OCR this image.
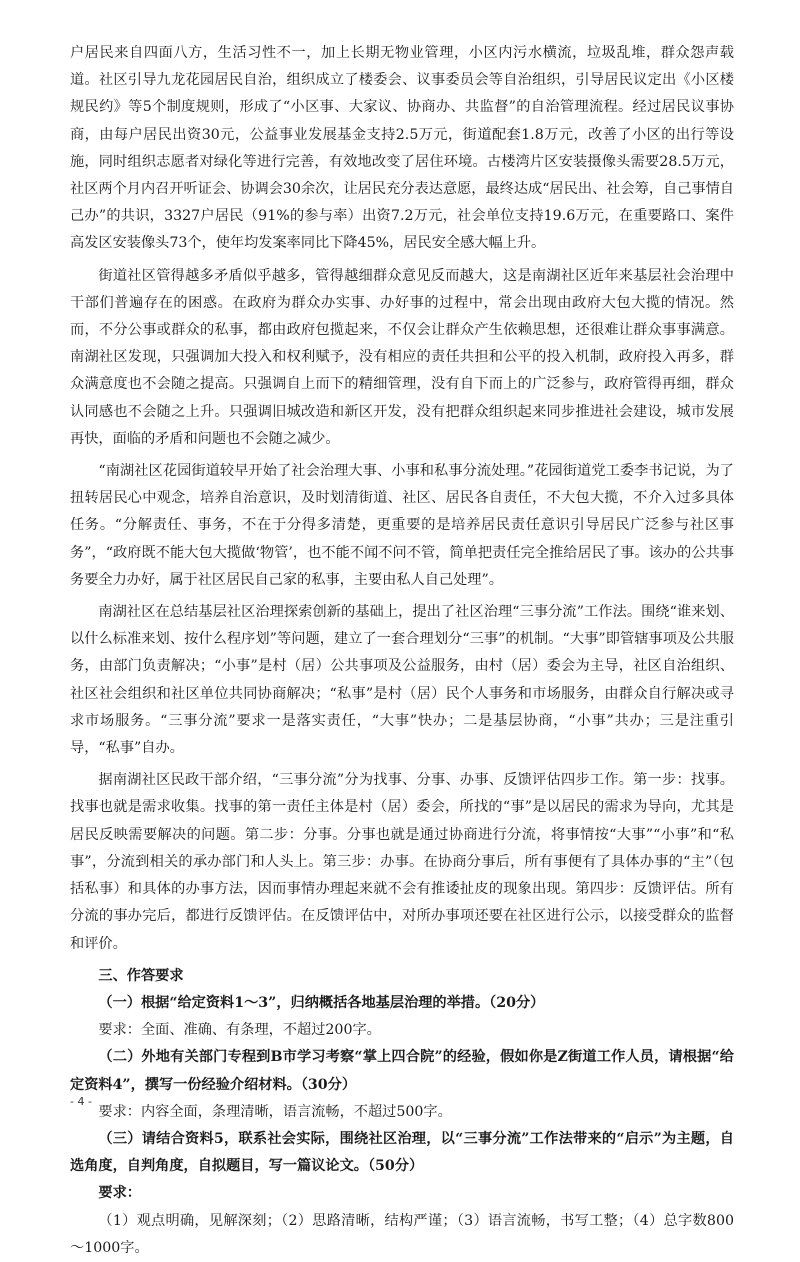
户居民来自四面八方，生活习性不一，加上长期无物业管理，小区内污水横流，垃圾乱堆，群众怨声载道。社区引导九龙花园居民自治，组织成立了楼委会、议事委员会等自治组织，引导居民议定出《小区楼规民约》等5个制度规则，形成了“小区事、大家议、协商办、共监督”的自治管理流程。经过居民议事协商，由每户居民出资30元，公益事业发展基金支持2.5万元，街道配套1.8万元，改善了小区的出行等设施，同时组织志愿者对绿化等进行完善，有效地改变了居住环境。古楼湾片区安装摄像头需要28.5万元，社区两个月内召开听证会、协调会30余次，让居民充分表达意愿，最终达成“居民出、社会筹，自己事情自己办”的共识，3327户居民（91%的参与率）出资7.2万元，社会单位支持19.6万元，在重要路口、案件高发区安装像头73个，使年均发案率同比下降45%，居民安全感大幅上升。

街道社区管得越多矛盾似乎越多，管得越细群众意见反而越大，这是南湖社区近年来基层社会治理中干部们普遍存在的困惑。在政府为群众办实事、办好事的过程中，常会出现由政府大包大揽的情况。然而，不分公事或群众的私事，都由政府包揽起来，不仅会让群众产生依赖思想，还很难让群众事事满意。南湖社区发现，只强调加大投入和权利赋予，没有相应的责任共担和公平的投入机制，政府投入再多，群众满意度也不会随之提高。只强调自上而下的精细管理，没有自下而上的广泛参与，政府管得再细，群众认同感也不会随之上升。只强调旧城改造和新区开发，没有把群众组织起来同步推进社会建设，城市发展再快，面临的矛盾和问题也不会随之减少。

“南湖社区花园街道较早开始了社会治理大事、小事和私事分流处理。”花园街道党工委李书记说，为了扭转居民心中观念，培养自治意识，及时划清街道、社区、居民各自责任，不大包大揽，不介入过多具体任务。“分解责任、事务，不在于分得多清楚，更重要的是培养居民责任意识引导居民广泛参与社区事务”，“政府既不能大包大揽做‘物管’，也不能不闻不问不管，简单把责任完全推给居民了事。该办的公共事务要全力办好，属于社区居民自己家的私事，主要由私人自己处理”。

南湖社区在总结基层社区治理探索创新的基础上，提出了社区治理“三事分流”工作法。围绕“谁来划、以什么标准来划、按什么程序划”等问题，建立了一套合理划分“三事”的机制。“大事”即管辖事项及公共服务，由部门负责解决；“小事”是村（居）公共事项及公益服务，由村（居）委会为主导，社区自治组织、社区社会组织和社区单位共同协商解决；“私事”是村（居）民个人事务和市场服务，由群众自行解决或寻求市场服务。“三事分流”要求一是落实责任，“大事”快办；二是基层协商，“小事”共办；三是注重引导，“私事”自办。

据南湖社区民政干部介绍，“三事分流”分为找事、分事、办事、反馈评估四步工作。第一步：找事。找事也就是需求收集。找事的第一责任主体是村（居）委会，所找的“事”是以居民的需求为导向，尤其是居民反映需要解决的问题。第二步：分事。分事也就是通过协商进行分流，将事情按“大事”“小事”和“私事”，分流到相关的承办部门和人头上。第三步：办事。在协商分事后，所有事便有了具体办事的“主”（包括私事）和具体的办事方法，因而事情办理起来就不会有推诿扯皮的现象出现。第四步：反馈评估。所有分流的事办完后，都进行反馈评估。在反馈评估中，对所办事项还要在社区进行公示，以接受群众的监督和评价。

三、作答要求

（一）根据“给定资料1～3”，归纳概括各地基层治理的举措。（20分）

要求：全面、准确、有条理，不超过200字。

（二）外地有关部门专程到B市学习考察“掌上四合院”的经验，假如你是Z街道工作人员，请根据“给定资料4”，撰写一份经验介绍材料。（30分）

要求：内容全面，条理清晰，语言流畅，不超过500字。

（三）请结合资料5，联系社会实际，围绕社区治理，以“三事分流”工作法带来的“启示”为主题，自选角度，自判角度，自拟题目，写一篇议论文。（50分）

要求：

（1）观点明确，见解深刻；（2）思路清晰，结构严谨；（3）语言流畅，书写工整；（4）总字数800～1000字。

- 4 -
